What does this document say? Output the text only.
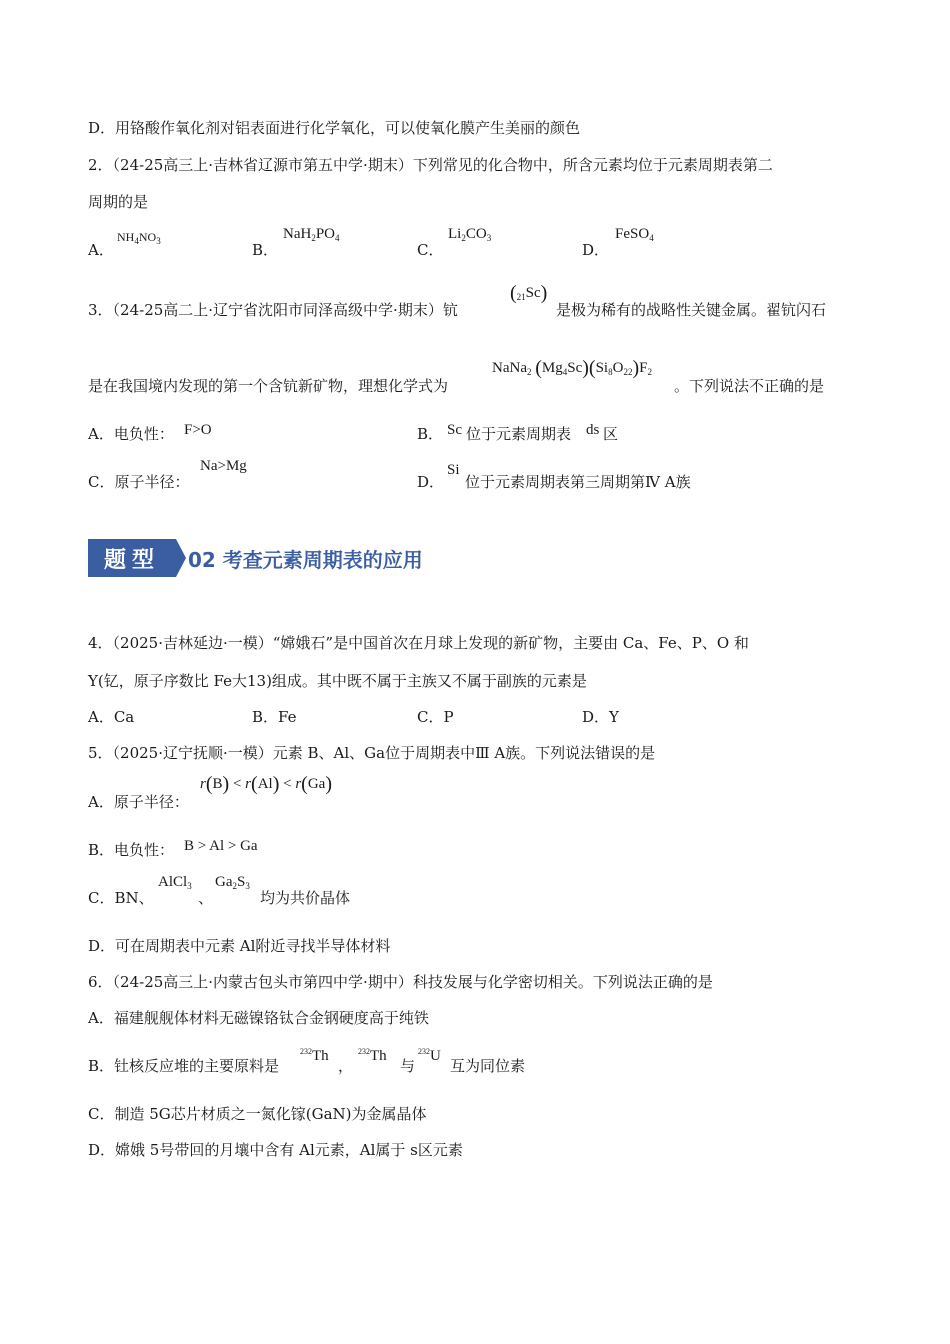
D．用铬酸作氧化剂对铝表面进行化学氧化，可以使氧化膜产生美丽的颜色
2．（24-25高三上·吉林省辽源市第五中学·期末）下列常见的化合物中，所含元素均位于元素周期表第二
周期的是
A．
$NH_4NO_3$	B．
$NaH_2PO_4$
C．
$Li_2CO_3$
D．
FeSO$_4$
3．（24-25高二上·辽宁省沈阳市同泽高级中学·期末）钪
$(_{21}Sc)$
是极为稀有的战略性关键金属。翟钪闪石
是在我国境内发现的第一个含钪新矿物，理想化学式为
NaNa$_2$ $(Mg_4Sc)(Si_8O_{22})F_2$
。下列说法不正确的是
A．电负性： F>O	B． Sc 位于元素周期表 ds 区
C．原子半径：
Na>Mg
D．
Si
位于元素周期表第三周期第Ⅳ A族
题型	02 考查元素周期表的应用
4．（2025·吉林延边·一模）“嫦娥石”是中国首次在月球上发现的新矿物，主要由 Ca、Fe、P、O 和
Y(钇，原子序数比 Fe大13)组成。其中既不属于主族又不属于副族的元素是
A．Ca	B．Fe	C．P	D．Y
5．（2025·辽宁抚顺·一模）元素 B、Al、Ga位于周期表中Ⅲ A族。下列说法错误的是
A．原子半径：
r(B) < r(Al) < r(Ga)
B．电负性： B > Al > Ga
C．BN、
AlCl$_3$
、
$Ga_2S_3$
均为共价晶体
D．可在周期表中元素 Al附近寻找半导体材料
6．（24-25高三上·内蒙古包头市第四中学·期中）科技发展与化学密切相关。下列说法正确的是
A．福建舰舰体材料无磁镍铬钛合金钢硬度高于纯铁
B．钍核反应堆的主要原料是
$^{232}$Th
，
$^{232}$Th
与
$^{232}$U
互为同位素
C．制造 5G芯片材质之一氮化镓(GaN)为金属晶体
D．嫦娥 5号带回的月壤中含有 Al元素，Al属于 s区元素
